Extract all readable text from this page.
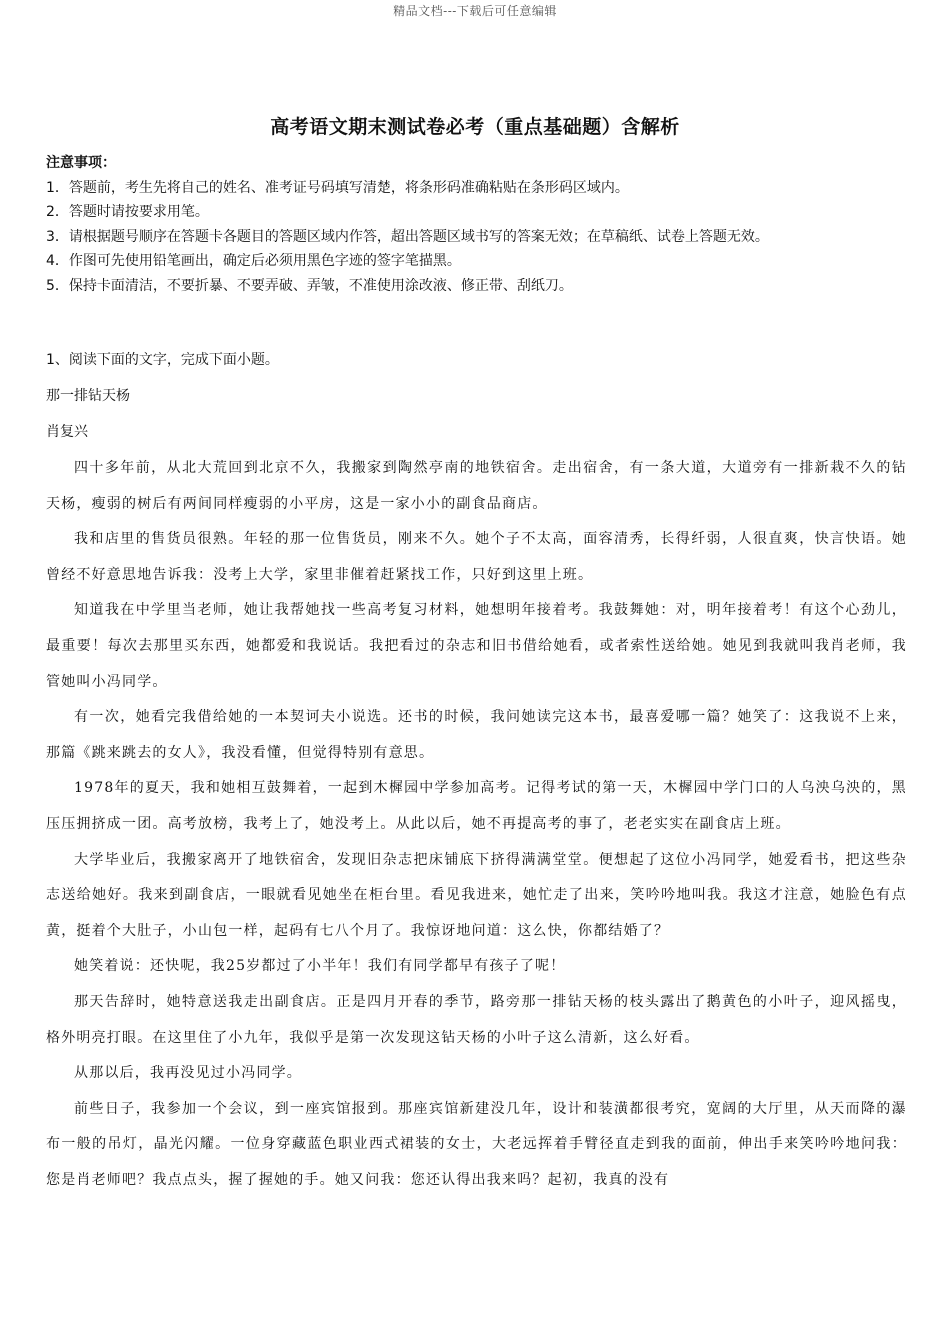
精品文档---下载后可任意编辑
高考语文期末测试卷必考（重点基础题）含解析
注意事项：
1．答题前，考生先将自己的姓名、准考证号码填写清楚，将条形码准确粘贴在条形码区域内。
2．答题时请按要求用笔。
3．请根据题号顺序在答题卡各题目的答题区域内作答，超出答题区域书写的答案无效；在草稿纸、试卷上答题无效。
4．作图可先使用铅笔画出，确定后必须用黑色字迹的签字笔描黑。
5．保持卡面清洁，不要折暴、不要弄破、弄皱，不准使用涂改液、修正带、刮纸刀。
1、阅读下面的文字，完成下面小题。
那一排钻天杨
肖复兴

四十多年前，从北大荒回到北京不久，我搬家到陶然亭南的地铁宿舍。走出宿舍，有一条大道，大道旁有一排新栽不久的钻天杨，瘦弱的树后有两间同样瘦弱的小平房，这是一家小小的副食品商店。

我和店里的售货员很熟。年轻的那一位售货员，刚来不久。她个子不太高，面容清秀，长得纤弱，人很直爽，快言快语。她曾经不好意思地告诉我：没考上大学，家里非催着赶紧找工作，只好到这里上班。

知道我在中学里当老师，她让我帮她找一些高考复习材料，她想明年接着考。我鼓舞她：对，明年接着考！有这个心劲儿，最重要！每次去那里买东西，她都爱和我说话。我把看过的杂志和旧书借给她看，或者索性送给她。她见到我就叫我肖老师，我管她叫小冯同学。

有一次，她看完我借给她的一本契诃夫小说选。还书的时候，我问她读完这本书，最喜爱哪一篇？她笑了：这我说不上来，那篇《跳来跳去的女人》，我没看懂，但觉得特别有意思。

1978年的夏天，我和她相互鼓舞着，一起到木樨园中学参加高考。记得考试的第一天，木樨园中学门口的人乌泱乌泱的，黑压压拥挤成一团。高考放榜，我考上了，她没考上。从此以后，她不再提高考的事了，老老实实在副食店上班。

大学毕业后，我搬家离开了地铁宿舍，发现旧杂志把床铺底下挤得满满堂堂。便想起了这位小冯同学，她爱看书，把这些杂志送给她好。我来到副食店，一眼就看见她坐在柜台里。看见我进来，她忙走了出来，笑吟吟地叫我。我这才注意，她脸色有点黄，挺着个大肚子，小山包一样，起码有七八个月了。我惊讶地问道：这么快，你都结婚了？

她笑着说：还快呢，我25岁都过了小半年！我们有同学都早有孩子了呢！

那天告辞时，她特意送我走出副食店。正是四月开春的季节，路旁那一排钻天杨的枝头露出了鹅黄色的小叶子，迎风摇曳，格外明亮打眼。在这里住了小九年，我似乎是第一次发现这钻天杨的小叶子这么清新，这么好看。

从那以后，我再没见过小冯同学。

前些日子，我参加一个会议，到一座宾馆报到。那座宾馆新建没几年，设计和装潢都很考究，宽阔的大厅里，从天而降的瀑布一般的吊灯，晶光闪耀。一位身穿藏蓝色职业西式裙装的女士，大老远挥着手臂径直走到我的面前，伸出手来笑吟吟地问我：您是肖老师吧？我点点头，握了握她的手。她又问我：您还认得出我来吗？起初，我真的没有
